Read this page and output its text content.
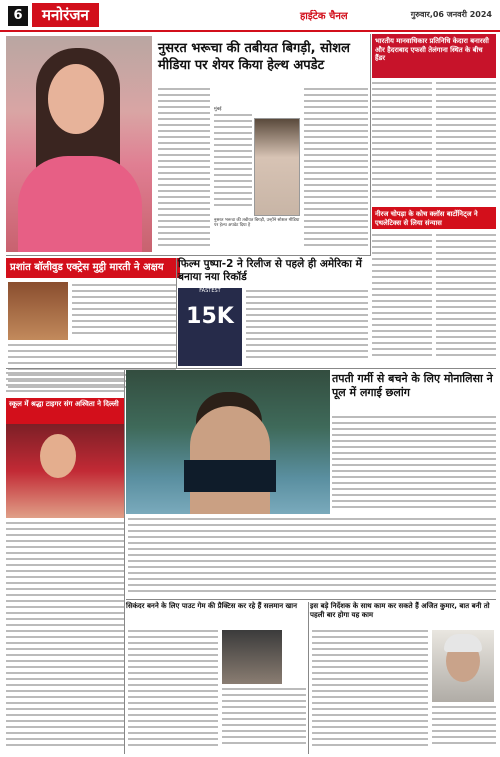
6	मनोरंजन	हाईटेक चैनल	गुरुवार,06 जनवरी 2024
नुसरत भरूचा की तबीयत बिगड़ी, सोशल मीडिया पर शेयर किया हेल्थ अपडेट
मुंबई
नुसरत भरूचा की तबीयत बिगड़ी, उन्होंने सोशल मीडिया पर हेल्थ अपडेट दिया है
भारतीय मानवाधिकार प्रतिनिधि केदारा बनारसी और हैदराबाद एफसी तेलंगाना स्थित के बीच हैंडर
नीरज चोपड़ा के कोच क्लॉस बार्टोनिट्ज ने एथलेटिक्स से लिया संन्यास
प्रशांत बॉलीवुड एक्ट्रेस मुट्ठी मारती ने अक्षय	फिल्म पुष्पा-2 ने रिलीज से पहले ही अमेरिका में बनाया नया रिकॉर्ड
FASTEST
15K
स्कूल में श्रद्धा टाइगर संग अश्विता ने दिल्ली
तपती गर्मी से बचने के लिए मोनालिसा ने पूल में लगाई छलांग
सिकंदर बनने के लिए पाउट गेम की प्रैक्टिस कर रहे हैं सलमान खान	इस बड़े निर्देशक के साथ काम कर सकते हैं अजित कुमार, बात बनी तो पहली बार होगा यह काम
